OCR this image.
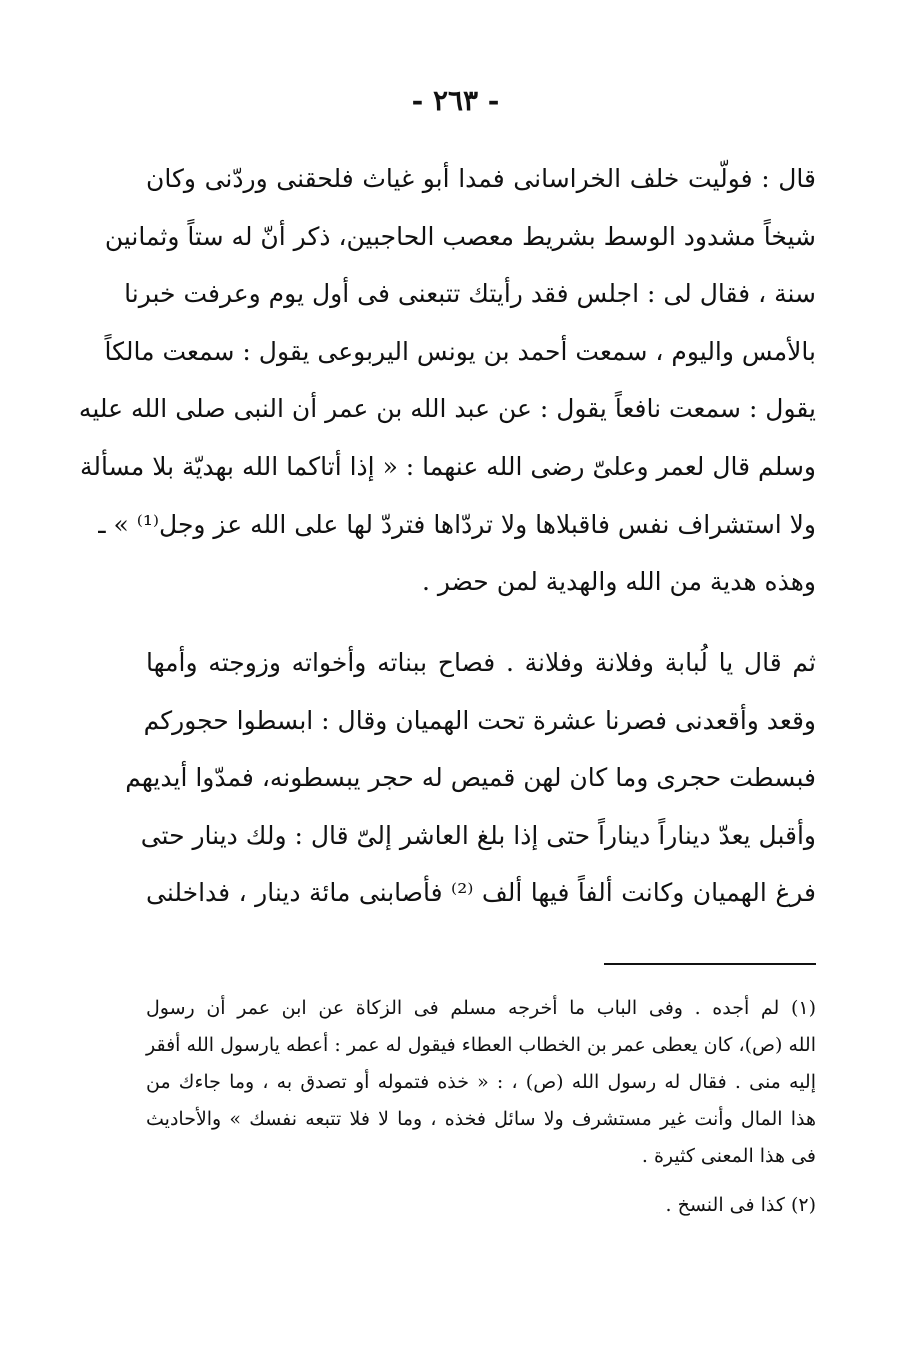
- ٢٦٣ -
قال : فولّيت خلف الخراسانى فمدا أبو غياث فلحقنى وردّنى وكان
شيخاً مشدود الوسط بشريط معصب الحاجبين، ذكر أنّ له ستاً وثمانين
سنة ، فقال لى : اجلس فقد رأيتك تتبعنى فى أول يوم وعرفت خبرنا
بالأمس واليوم ، سمعت أحمد بن يونس اليربوعى يقول : سمعت مالكاً
يقول : سمعت نافعاً يقول : عن عبد الله بن عمر أن النبى صلى الله عليه
وسلم قال لعمر وعلىّ رضى الله عنهما : « إذا أتاكما الله بهديّة بلا مسألة
ولا استشراف نفس فاقبلاها ولا تردّاها فتردّ لها على الله عز وجل⁽¹⁾ » ـ
وهذه هدية من الله والهدية لمن حضر .
ثم قال يا لُبابة وفلانة وفلانة . فصاح ببناته وأخواته وزوجته وأمها
وقعد وأقعدنى فصرنا عشرة تحت الهميان وقال : ابسطوا حجوركم
فبسطت حجرى وما كان لهن قميص له حجر يبسطونه، فمدّوا أيديهم
وأقبل يعدّ ديناراً ديناراً حتى إذا بلغ العاشر إلىّ قال : ولك دينار حتى
فرغ الهميان وكانت ألفاً فيها ألف ⁽²⁾ فأصابنى مائة دينار ، فداخلنى
(١) لم أجده . وفى الباب ما أخرجه مسلم فى الزكاة عن ابن عمر أن رسول
الله (ص)، كان يعطى عمر بن الخطاب العطاء فيقول له عمر : أعطه يارسول الله أفقر
إليه منى . فقال له رسول الله (ص) ، : « خذه فتموله أو تصدق به ، وما جاءك من
هذا المال وأنت غير مستشرف ولا سائل فخذه ، وما لا فلا تتبعه نفسك » والأحاديث
فى هذا المعنى كثيرة .
(٢) كذا فى النسخ .
